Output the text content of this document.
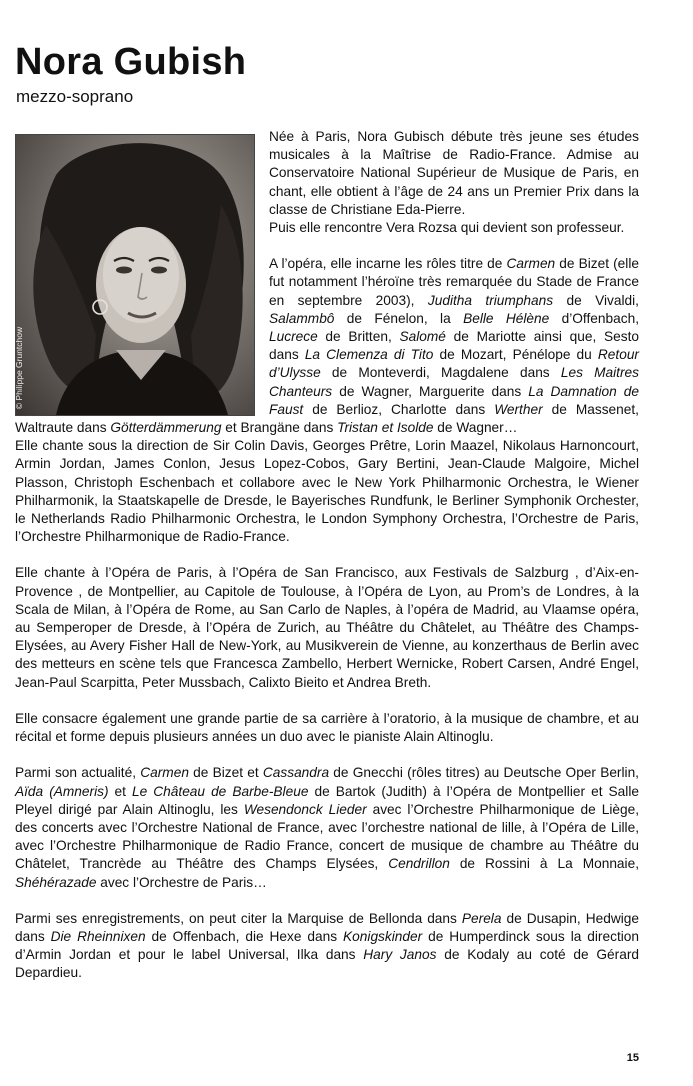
Nora Gubish
mezzo-soprano
© Philippe Gruntchow

Née à Paris, Nora Gubisch débute très jeune ses études musicales à la Maîtrise de Radio-France. Admise au Conservatoire National Supérieur de Musique de Paris, en chant, elle obtient à l’âge de 24 ans un Premier Prix dans la classe de Christiane Eda-Pierre.

Puis elle rencontre Vera Rozsa qui devient son professeur.

A l’opéra, elle incarne les rôles titre de Carmen de Bizet (elle fut notamment l’héroïne très remarquée du Stade de France en septembre 2003), Juditha triumphans de Vivaldi, Salammbô de Fénelon, la Belle Hélène d’Offenbach, Lucrece de Britten, Salomé de Mariotte ainsi que, Sesto dans La Clemenza di Tito de Mozart, Pénélope du Retour d’Ulysse de Monteverdi, Magdalene dans Les Maitres Chanteurs de Wagner, Marguerite dans La Damnation de Faust de Berlioz, Charlotte dans Werther de Massenet, Waltraute dans Götterdämmerung et Brangäne dans Tristan et Isolde de Wagner…

Elle chante sous la direction de Sir Colin Davis, Georges Prêtre, Lorin Maazel, Nikolaus Harnoncourt, Armin Jordan, James Conlon, Jesus Lopez-Cobos, Gary Bertini, Jean-Claude Malgoire, Michel Plasson, Christoph Eschenbach et collabore avec le New York Philharmonic Orchestra, le Wiener Philharmonik, la Staatskapelle de Dresde, le Bayerisches Rundfunk, le Berliner Symphonik Orchester, le Netherlands Radio Philharmonic Orchestra, le London Symphony Orchestra, l’Orchestre de Paris, l’Orchestre Philharmonique de Radio-France.

Elle chante à l’Opéra de Paris, à l’Opéra de San Francisco, aux Festivals de Salzburg , d’Aix-en-Provence , de Montpellier, au Capitole de Toulouse, à l’Opéra de Lyon, au Prom’s de Londres, à la Scala de Milan, à l’Opéra de Rome, au San Carlo de Naples, à l’opéra de Madrid, au Vlaamse opéra, au Semperoper de Dresde, à l’Opéra de Zurich, au Théâtre du Châtelet, au Théâtre des Champs-Elysées, au Avery Fisher Hall de New-York, au Musikverein de Vienne, au konzerthaus de Berlin avec des metteurs en scène tels que Francesca Zambello, Herbert Wernicke, Robert Carsen, André Engel, Jean-Paul Scarpitta, Peter Mussbach, Calixto Bieito et Andrea Breth.

Elle consacre également une grande partie de sa carrière à l’oratorio, à la musique de chambre, et au récital et forme depuis plusieurs années un duo avec le pianiste Alain Altinoglu.

Parmi son actualité, Carmen de Bizet et Cassandra de Gnecchi (rôles titres) au Deutsche Oper Berlin, Aïda (Amneris) et Le Château de Barbe-Bleue de Bartok (Judith) à l’Opéra de Montpellier et Salle Pleyel dirigé par Alain Altinoglu, les Wesendonck Lieder avec l’Orchestre Philharmonique de Liège, des concerts avec l’Orchestre National de France, avec l’orchestre national de lille, à l’Opéra de Lille, avec l’Orchestre Philharmonique de Radio France, concert de musique de chambre au Théâtre du Châtelet, Trancrède au Théâtre des Champs Elysées, Cendrillon de Rossini à La Monnaie, Shéhérazade avec l’Orchestre de Paris…

Parmi ses enregistrements, on peut citer la Marquise de Bellonda dans Perela de Dusapin, Hedwige dans Die Rheinnixen de Offenbach, die Hexe dans Konigskinder de Humperdinck sous la direction d’Armin Jordan et pour le label Universal, Ilka dans Hary Janos de Kodaly au coté de Gérard Depardieu.

15
